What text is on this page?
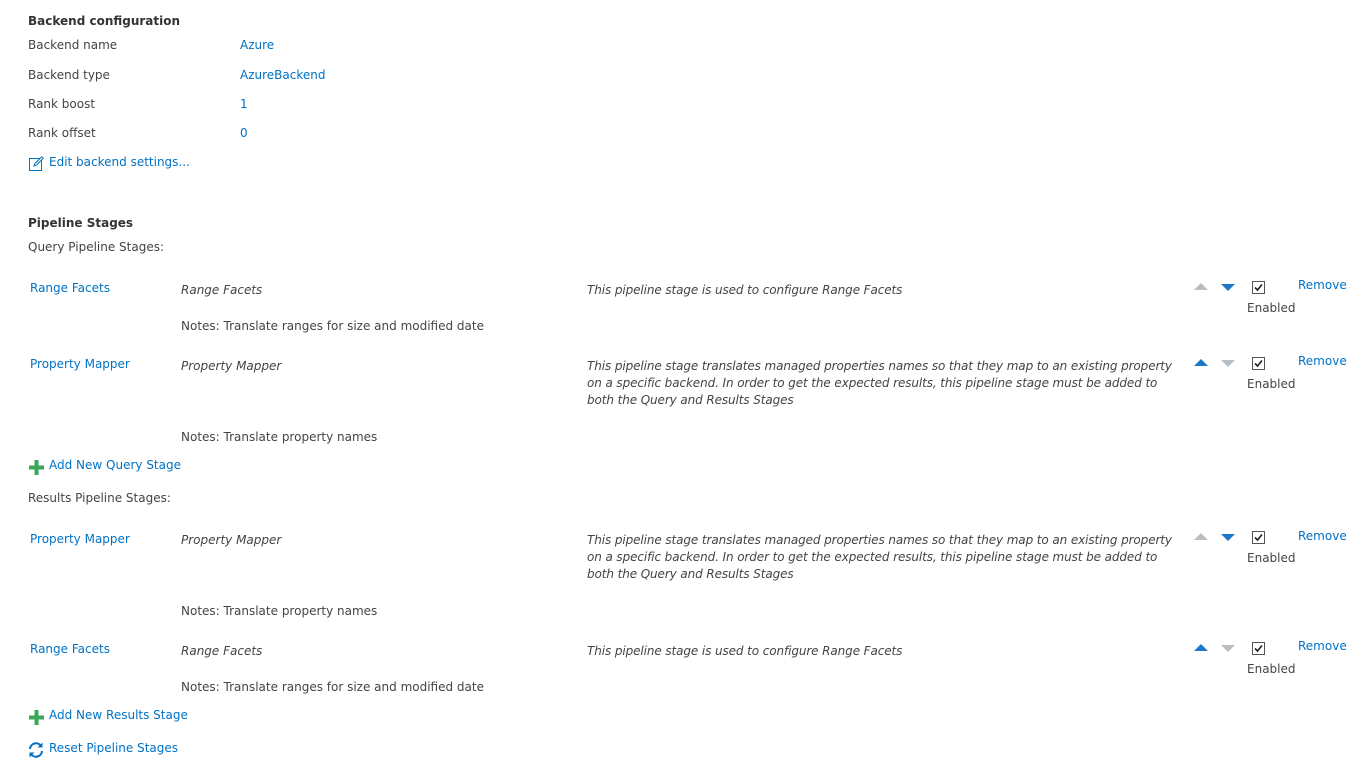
Backend configuration
Backend name	Azure
Backend type	AzureBackend
Rank boost	1
Rank offset	0
Edit backend settings...
Pipeline Stages
Query Pipeline Stages:
Range Facets	Range Facets	This pipeline stage is used to configure Range Facets
Enabled
Remove
Notes: Translate ranges for size and modified date
Property Mapper	Property Mapper	This pipeline stage translates managed properties names so that they map to an existing property on a specific backend. In order to get the expected results, this pipeline stage must be added to both the Query and Results Stages
Enabled
Remove
Notes: Translate property names
Add New Query Stage
Results Pipeline Stages:
Property Mapper	Property Mapper	This pipeline stage translates managed properties names so that they map to an existing property on a specific backend. In order to get the expected results, this pipeline stage must be added to both the Query and Results Stages
Enabled
Remove
Notes: Translate property names
Range Facets	Range Facets	This pipeline stage is used to configure Range Facets
Enabled
Remove
Notes: Translate ranges for size and modified date
Add New Results Stage
Reset Pipeline Stages
